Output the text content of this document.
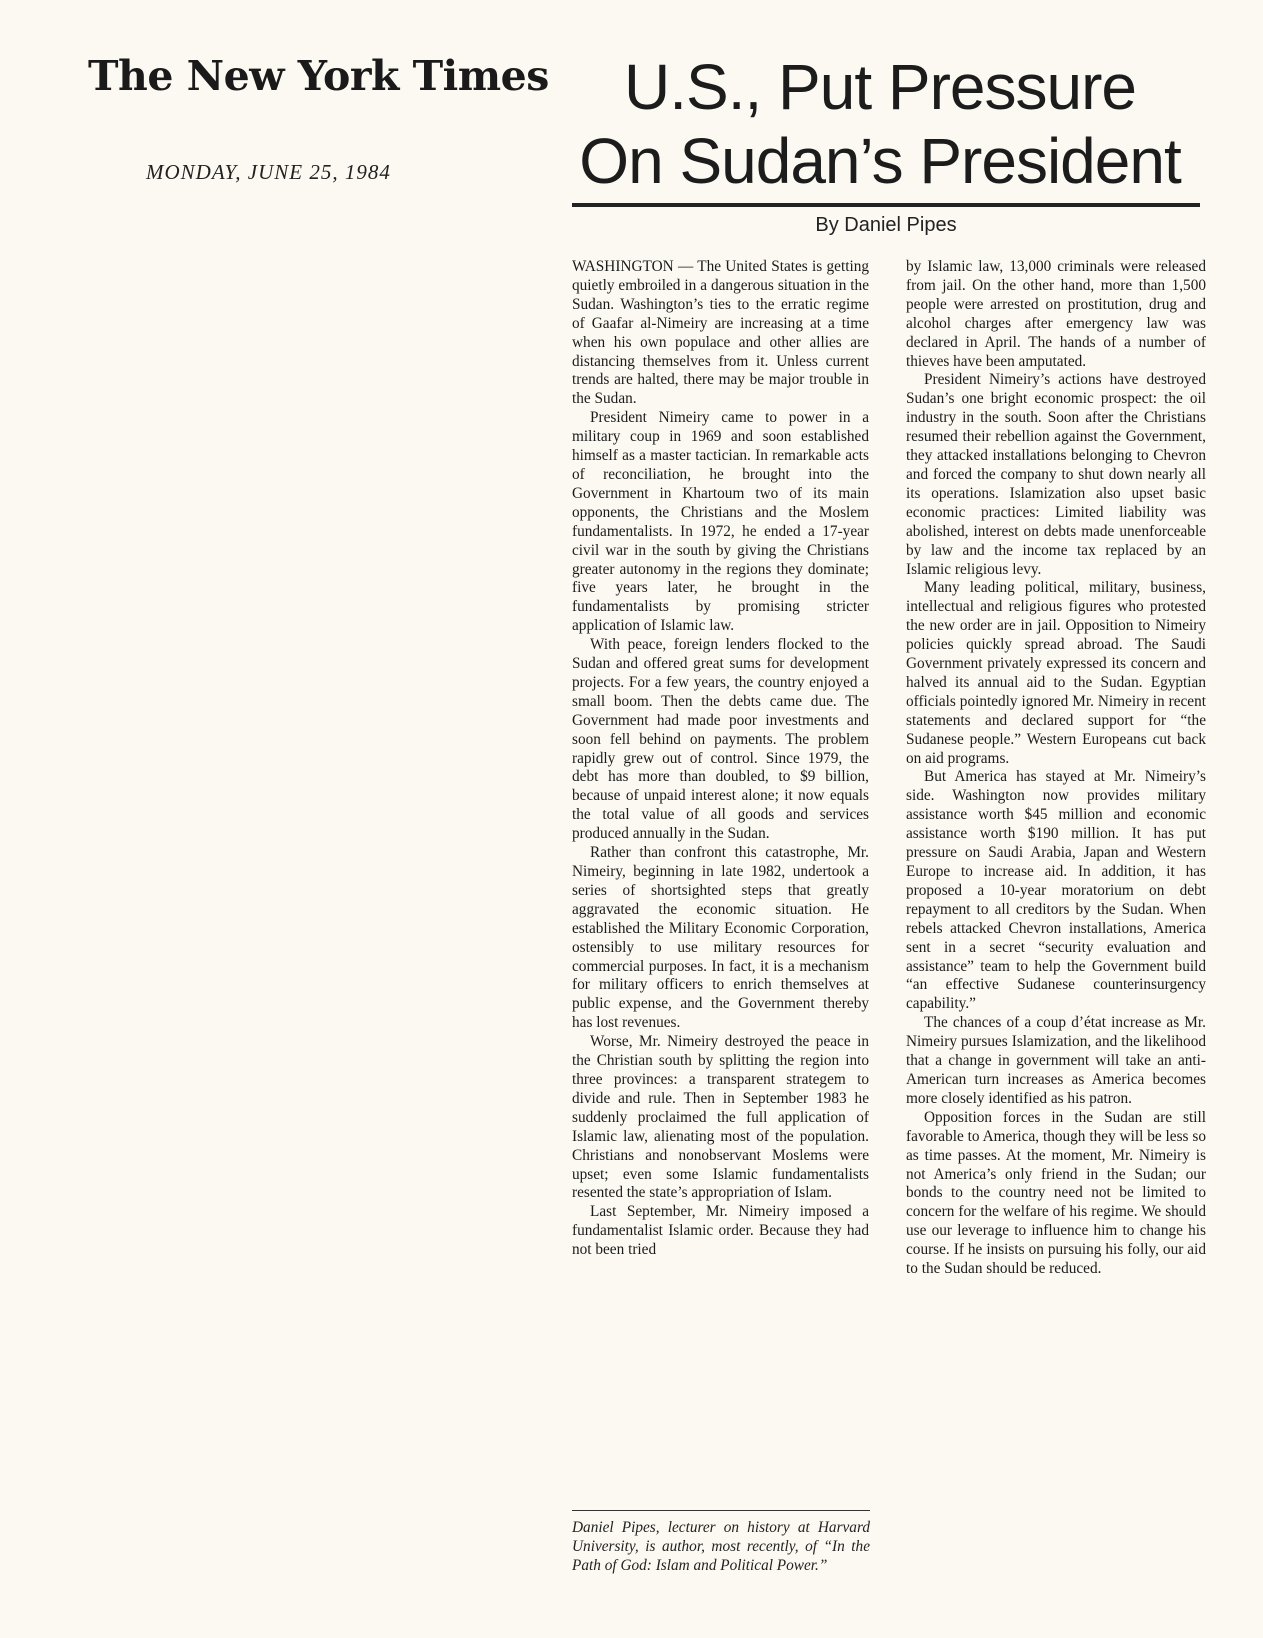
The New York Times
MONDAY, JUNE 25, 1984
U.S., Put Pressure
On Sudan’s President
By Daniel Pipes

WASHINGTON — The United States is getting quietly embroiled in a dangerous situation in the Sudan. Washington’s ties to the erratic regime of Gaafar al-Nimeiry are increasing at a time when his own populace and other allies are distancing themselves from it. Unless current trends are halted, there may be major trouble in the Sudan.

President Nimeiry came to power in a military coup in 1969 and soon established himself as a master tactician. In remarkable acts of reconciliation, he brought into the Government in Khartoum two of its main opponents, the Christians and the Moslem fundamentalists. In 1972, he ended a 17-year civil war in the south by giving the Christians greater autonomy in the regions they dominate; five years later, he brought in the fundamentalists by promising stricter application of Islamic law.

With peace, foreign lenders flocked to the Sudan and offered great sums for development projects. For a few years, the country enjoyed a small boom. Then the debts came due. The Government had made poor investments and soon fell behind on payments. The problem rapidly grew out of control. Since 1979, the debt has more than doubled, to $9 billion, because of unpaid interest alone; it now equals the total value of all goods and services produced annually in the Sudan.

Rather than confront this catastrophe, Mr. Nimeiry, beginning in late 1982, undertook a series of shortsighted steps that greatly aggravated the economic situation. He established the Military Economic Corporation, ostensibly to use military resources for commercial purposes. In fact, it is a mechanism for military officers to enrich themselves at public expense, and the Government thereby has lost revenues.

Worse, Mr. Nimeiry destroyed the peace in the Christian south by splitting the region into three provinces: a transparent strategem to divide and rule. Then in September 1983 he suddenly proclaimed the full application of Islamic law, alienating most of the population. Christians and nonobservant Moslems were upset; even some Islamic fundamentalists resented the state’s appropriation of Islam.

Last September, Mr. Nimeiry imposed a fundamentalist Islamic order. Because they had not been tried

Daniel Pipes, lecturer on history at Harvard University, is author, most recently, of “In the Path of God: Islam and Political Power.”

by Islamic law, 13,000 criminals were released from jail. On the other hand, more than 1,500 people were arrested on prostitution, drug and alcohol charges after emergency law was declared in April. The hands of a number of thieves have been amputated.

President Nimeiry’s actions have destroyed Sudan’s one bright economic prospect: the oil industry in the south. Soon after the Christians resumed their rebellion against the Government, they attacked installations belonging to Chevron and forced the company to shut down nearly all its operations. Islamization also upset basic economic practices: Limited liability was abolished, interest on debts made unenforceable by law and the income tax replaced by an Islamic religious levy.

Many leading political, military, business, intellectual and religious figures who protested the new order are in jail. Opposition to Nimeiry policies quickly spread abroad. The Saudi Government privately expressed its concern and halved its annual aid to the Sudan. Egyptian officials pointedly ignored Mr. Nimeiry in recent statements and declared support for “the Sudanese people.” Western Europeans cut back on aid programs.

But America has stayed at Mr. Nimeiry’s side. Washington now provides military assistance worth $45 million and economic assistance worth $190 million. It has put pressure on Saudi Arabia, Japan and Western Europe to increase aid. In addition, it has proposed a 10-year moratorium on debt repayment to all creditors by the Sudan. When rebels attacked Chevron installations, America sent in a secret “security evaluation and assistance” team to help the Government build “an effective Sudanese counterinsurgency capability.”

The chances of a coup d’état increase as Mr. Nimeiry pursues Islamization, and the likelihood that a change in government will take an anti-American turn increases as America becomes more closely identified as his patron.

Opposition forces in the Sudan are still favorable to America, though they will be less so as time passes. At the moment, Mr. Nimeiry is not America’s only friend in the Sudan; our bonds to the country need not be limited to concern for the welfare of his regime. We should use our leverage to influence him to change his course. If he insists on pursuing his folly, our aid to the Sudan should be reduced.
